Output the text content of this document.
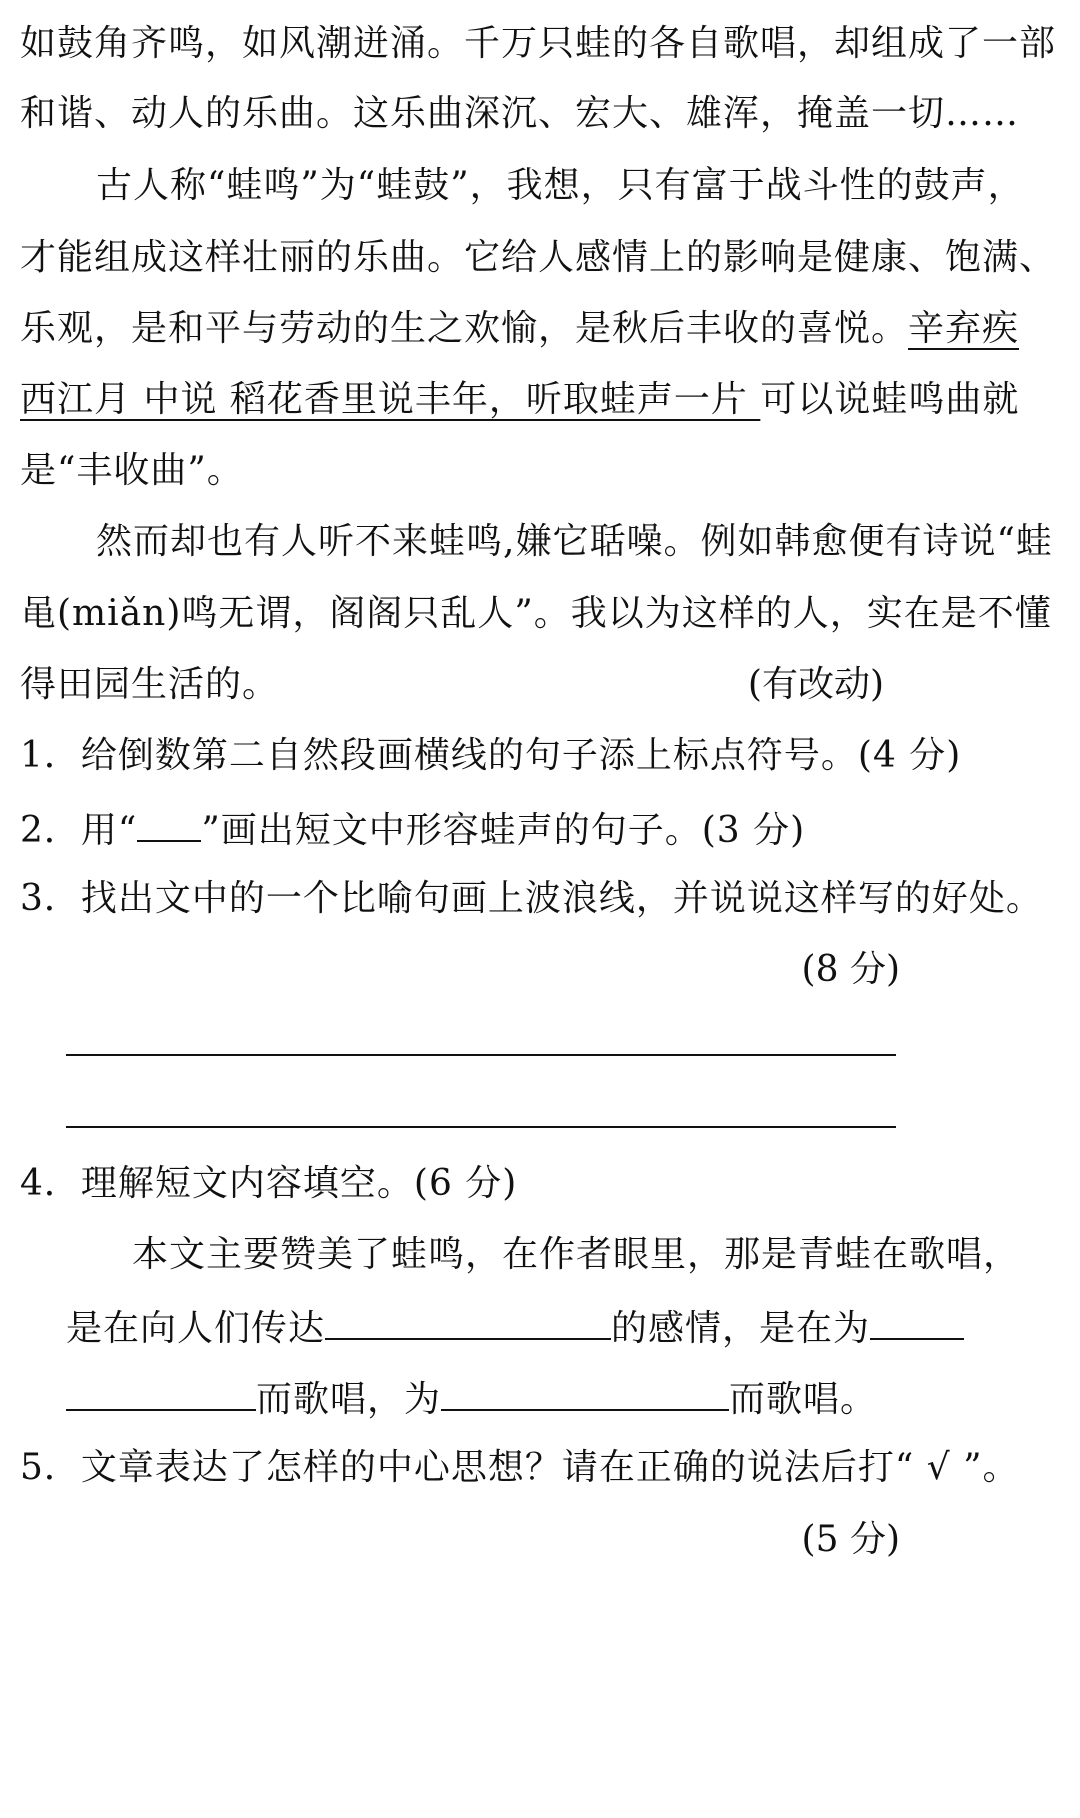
如鼓角齐鸣，如风潮迸涌。千万只蛙的各自歌唱，却组成了一部
和谐、动人的乐曲。这乐曲深沉、宏大、雄浑，掩盖一切……
古人称“蛙鸣”为“蛙鼓”，我想，只有富于战斗性的鼓声，
才能组成这样壮丽的乐曲。它给人感情上的影响是健康、饱满、
乐观，是和平与劳动的生之欢愉，是秋后丰收的喜悦。辛弃疾
西江月 中说 稻花香里说丰年，听取蛙声一片 可以说蛙鸣曲就
是“丰收曲”。
然而却也有人听不来蛙鸣,嫌它聒噪。例如韩愈便有诗说“蛙
黾(miǎn)鸣无谓，阁阁只乱人”。我以为这样的人，实在是不懂
得田园生活的。	(有改动)
1．给倒数第二自然段画横线的句子添上标点符号。(4 分)
2．用“ ”画出短文中形容蛙声的句子。(3 分)
3．找出文中的一个比喻句画上波浪线，并说说这样写的好处。
(8 分)
4．理解短文内容填空。(6 分)
本文主要赞美了蛙鸣，在作者眼里，那是青蛙在歌唱，
是在向人们传达	的感情，是在为
而歌唱，为	而歌唱。
5．文章表达了怎样的中心思想？请在正确的说法后打“ √ ”。
(5 分)
